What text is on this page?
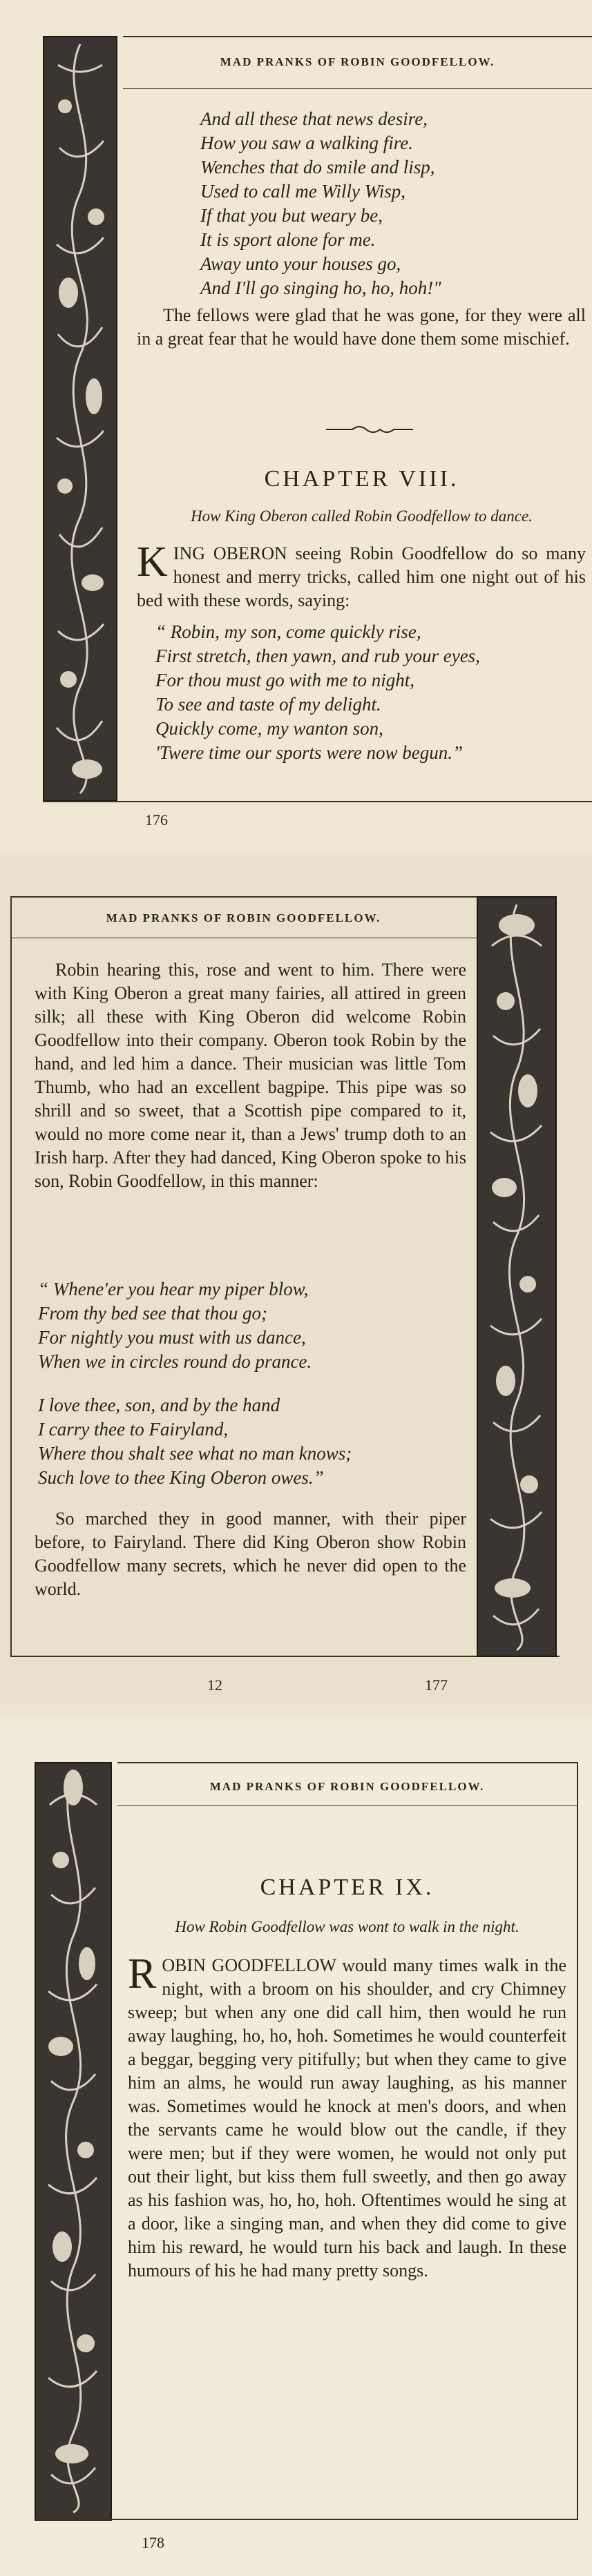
MAD PRANKS OF ROBIN GOODFELLOW.
And all these that news desire,
How you saw a walking fire.
Wenches that do smile and lisp,
Used to call me Willy Wisp,
If that you but weary be,
It is sport alone for me.
Away unto your houses go,
And I'll go singing ho, ho, hoh!"
The fellows were glad that he was gone, for they were all in a great fear that he would have done them some mischief.
CHAPTER VIII.
How King Oberon called Robin Goodfellow to dance.
KING OBERON seeing Robin Goodfellow do so many honest and merry tricks, called him one night out of his bed with these words, saying:
“ Robin, my son, come quickly rise,
First stretch, then yawn, and rub your eyes,
For thou must go with me to night,
To see and taste of my delight.
Quickly come, my wanton son,
'Twere time our sports were now begun.”
176
MAD PRANKS OF ROBIN GOODFELLOW.
Robin hearing this, rose and went to him. There were with King Oberon a great many fairies, all attired in green silk; all these with King Oberon did welcome Robin Goodfellow into their company. Oberon took Robin by the hand, and led him a dance. Their musician was little Tom Thumb, who had an excellent bagpipe. This pipe was so shrill and so sweet, that a Scottish pipe compared to it, would no more come near it, than a Jews' trump doth to an Irish harp. After they had danced, King Oberon spoke to his son, Robin Goodfellow, in this manner:
“ Whene'er you hear my piper blow,
From thy bed see that thou go;
For nightly you must with us dance,
When we in circles round do prance.
I love thee, son, and by the hand
I carry thee to Fairyland,
Where thou shalt see what no man knows;
Such love to thee King Oberon owes.”
So marched they in good manner, with their piper before, to Fairyland. There did King Oberon show Robin Goodfellow many secrets, which he never did open to the world.
12	177
MAD PRANKS OF ROBIN GOODFELLOW.
CHAPTER IX.
How Robin Goodfellow was wont to walk in the night.
ROBIN GOODFELLOW would many times walk in the night, with a broom on his shoulder, and cry Chimney sweep; but when any one did call him, then would he run away laughing, ho, ho, hoh. Sometimes he would counterfeit a beggar, begging very pitifully; but when they came to give him an alms, he would run away laughing, as his manner was. Sometimes would he knock at men's doors, and when the servants came he would blow out the candle, if they were men; but if they were women, he would not only put out their light, but kiss them full sweetly, and then go away as his fashion was, ho, ho, hoh. Oftentimes would he sing at a door, like a singing man, and when they did come to give him his reward, he would turn his back and laugh. In these humours of his he had many pretty songs.
178
